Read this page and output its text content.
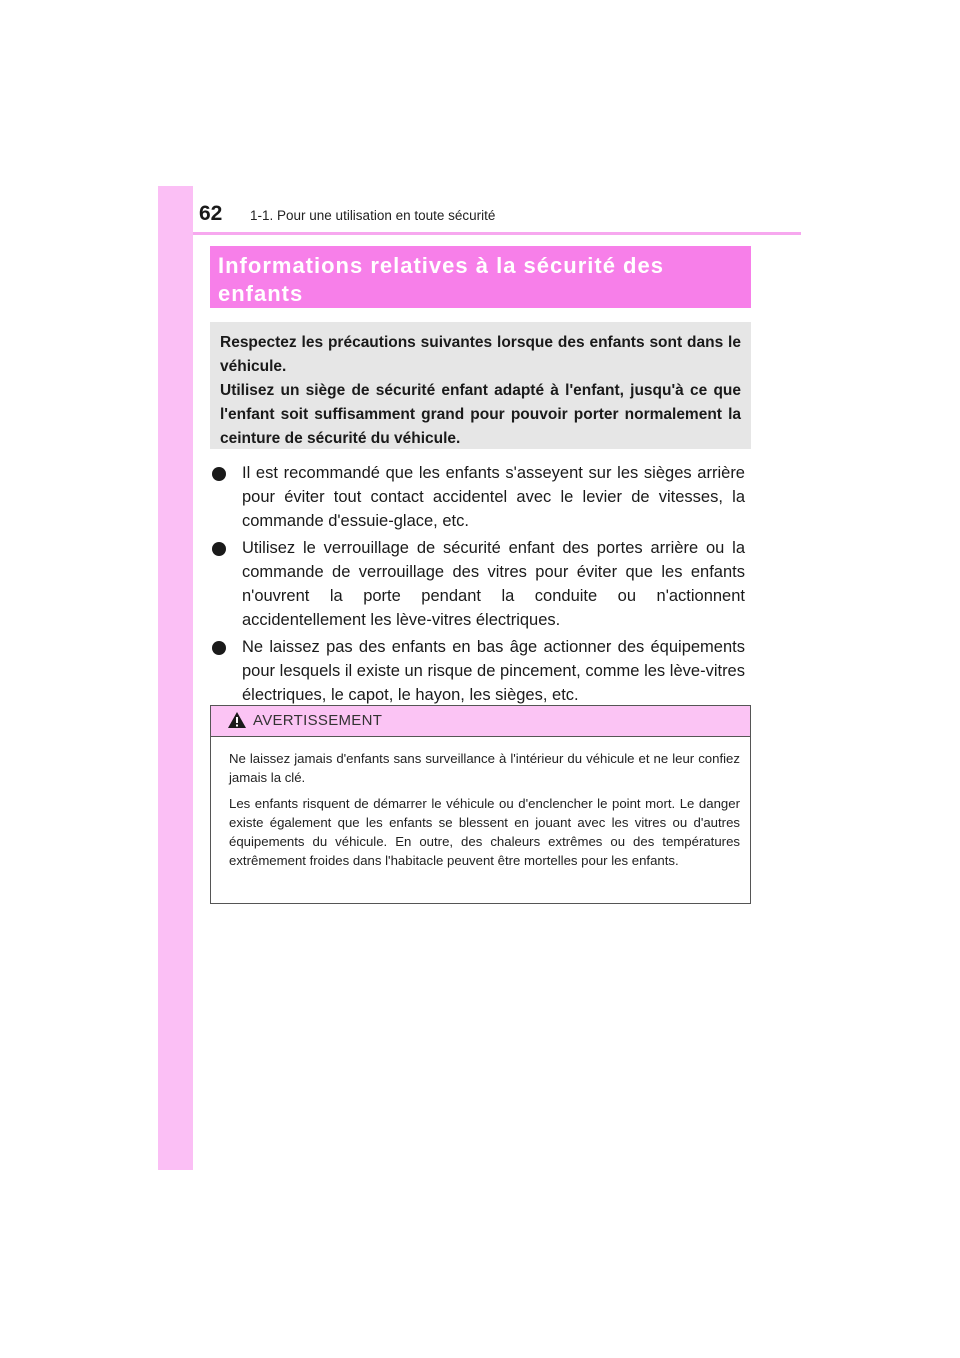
62 1-1. Pour une utilisation en toute sécurité

Informations relatives à la sécurité des
enfants

Respectez les précautions suivantes lorsque des enfants sont dans le véhicule.

Utilisez un siège de sécurité enfant adapté à l'enfant, jusqu'à ce que l'enfant soit suffisamment grand pour pouvoir porter normalement la ceinture de sécurité du véhicule.

Il est recommandé que les enfants s'asseyent sur les sièges arrière pour éviter tout contact accidentel avec le levier de vitesses, la commande d'essuie-glace, etc.
Utilisez le verrouillage de sécurité enfant des portes arrière ou la commande de verrouillage des vitres pour éviter que les enfants n'ouvrent la porte pendant la conduite ou n'actionnent accidentellement les lève-vitres électriques.
Ne laissez pas des enfants en bas âge actionner des équipements pour lesquels il existe un risque de pincement, comme les lève-vitres électriques, le capot, le hayon, les sièges, etc.
AVERTISSEMENT

Ne laissez jamais d'enfants sans surveillance à l'intérieur du véhicule et ne leur confiez jamais la clé.

Les enfants risquent de démarrer le véhicule ou d'enclencher le point mort. Le danger existe également que les enfants se blessent en jouant avec les vitres ou d'autres équipements du véhicule. En outre, des chaleurs extrêmes ou des températures extrêmement froides dans l'habitacle peuvent être mortelles pour les enfants.
